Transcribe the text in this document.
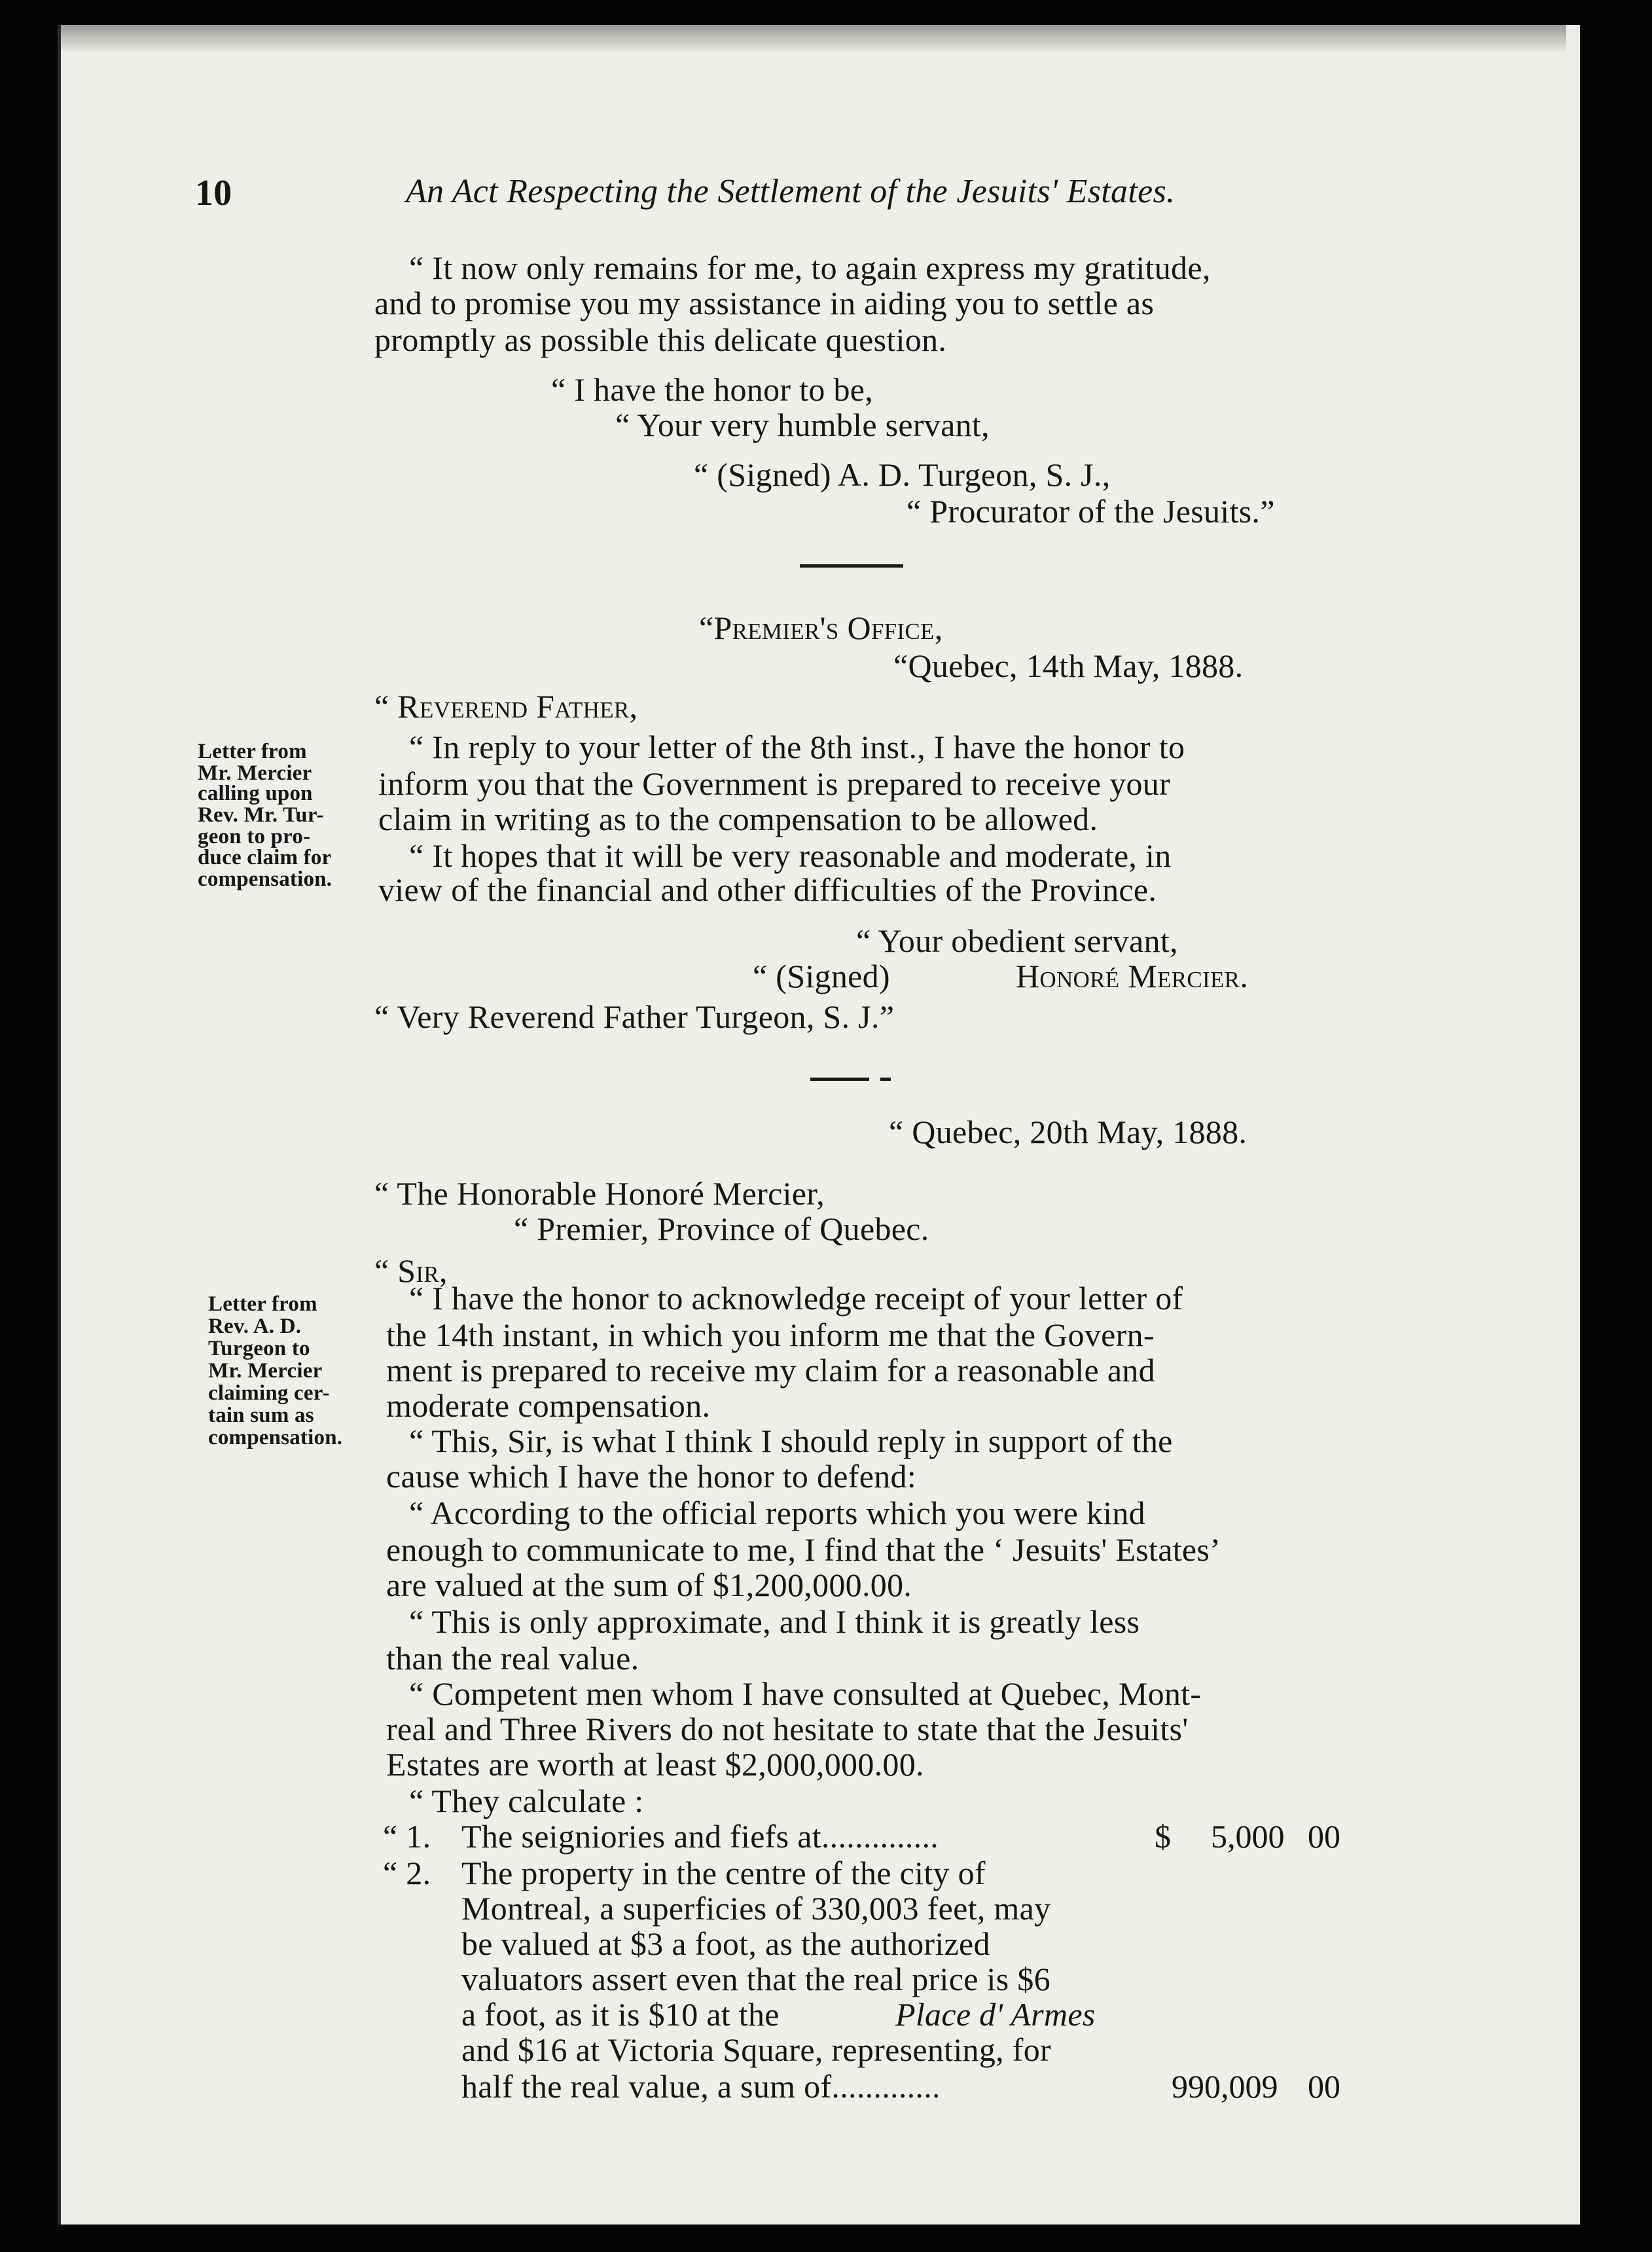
10	An Act Respecting the Settlement of the Jesuits' Estates.
“ It now only remains for me, to again express my gratitude,
and to promise you my assistance in aiding you to settle as
promptly as possible this delicate question.
“ I have the honor to be,
“ Your very humble servant,
“ (Signed) A. D. Turgeon, S. J.,
“ Procurator of the Jesuits.”
“Premier's Office,
“Quebec, 14th May, 1888.
“ Reverend Father,
“ In reply to your letter of the 8th inst., I have the honor to
inform you that the Government is prepared to receive your
claim in writing as to the compensation to be allowed.
“ It hopes that it will be very reasonable and moderate, in
view of the financial and other difficulties of the Province.
“ Your obedient servant,
“ (Signed)	Honoré Mercier.
“ Very Reverend Father Turgeon, S. J.”
Letter from
Mr. Mercier
calling upon
Rev. Mr. Tur-
geon to pro-
duce claim for
compensation.
“ Quebec, 20th May, 1888.
“ The Honorable Honoré Mercier,
“ Premier, Province of Quebec.
“ Sir,
“ I have the honor to acknowledge receipt of your letter of
the 14th instant, in which you inform me that the Govern-
ment is prepared to receive my claim for a reasonable and
moderate compensation.
“ This, Sir, is what I think I should reply in support of the
cause which I have the honor to defend:
“ According to the official reports which you were kind
enough to communicate to me, I find that the ‘ Jesuits' Estates’
are valued at the sum of $1,200,000.00.
“ This is only approximate, and I think it is greatly less
than the real value.
“ Competent men whom I have consulted at Quebec, Mont-
real and Three Rivers do not hesitate to state that the Jesuits'
Estates are worth at least $2,000,000.00.
“ They calculate :
“ 1. The seigniories and fiefs at..............	$ 5,000 00
“ 2. The property in the centre of the city of
Montreal, a superficies of 330,003 feet, may
be valued at $3 a foot, as the authorized
valuators assert even that the real price is $6
a foot, as it is $10 at the	Place d' Armes
and $16 at Victoria Square, representing, for
half the real value, a sum of.............	990,009 00
Letter from
Rev. A. D.
Turgeon to
Mr. Mercier
claiming cer-
tain sum as
compensation.
